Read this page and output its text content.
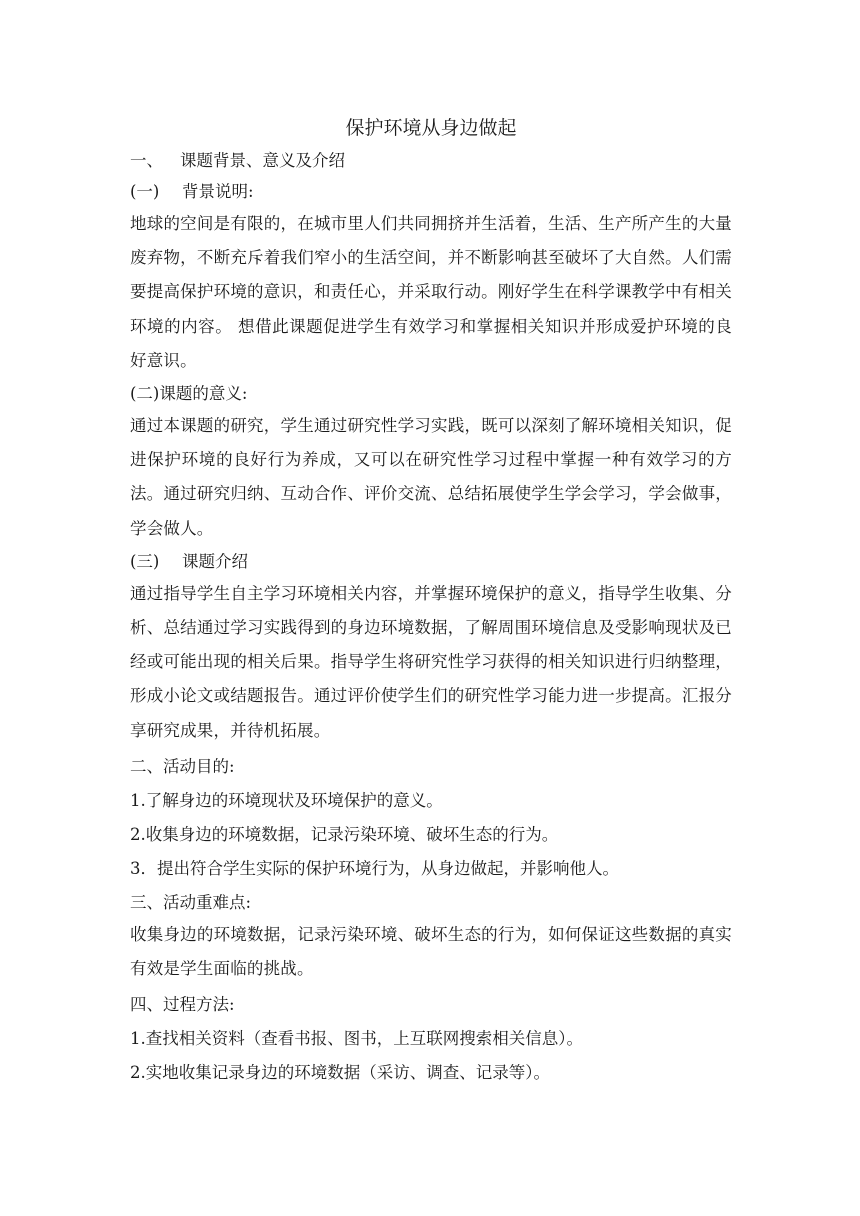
保护环境从身边做起

一、 课题背景、意义及介绍

(一) 背景说明:

地球的空间是有限的，在城市里人们共同拥挤并生活着，生活、生产所产生的大量废弃物，不断充斥着我们窄小的生活空间，并不断影响甚至破坏了大自然。人们需要提高保护环境的意识，和责任心，并采取行动。刚好学生在科学课教学中有相关环境的内容。 想借此课题促进学生有效学习和掌握相关知识并形成爱护环境的良好意识。

(二)课题的意义:

通过本课题的研究，学生通过研究性学习实践，既可以深刻了解环境相关知识，促进保护环境的良好行为养成，又可以在研究性学习过程中掌握一种有效学习的方法。通过研究归纳、互动合作、评价交流、总结拓展使学生学会学习，学会做事，学会做人。

(三) 课题介绍

通过指导学生自主学习环境相关内容，并掌握环境保护的意义，指导学生收集、分析、总结通过学习实践得到的身边环境数据，了解周围环境信息及受影响现状及已经或可能出现的相关后果。指导学生将研究性学习获得的相关知识进行归纳整理，形成小论文或结题报告。通过评价使学生们的研究性学习能力进一步提高。汇报分享研究成果，并待机拓展。

二、活动目的:

1.了解身边的环境现状及环境保护的意义。

2.收集身边的环境数据，记录污染环境、破坏生态的行为。

3．提出符合学生实际的保护环境行为，从身边做起，并影响他人。

三、活动重难点:

收集身边的环境数据，记录污染环境、破坏生态的行为，如何保证这些数据的真实有效是学生面临的挑战。

四、过程方法:

1.查找相关资料（查看书报、图书，上互联网搜索相关信息）。

2.实地收集记录身边的环境数据（采访、调查、记录等）。
